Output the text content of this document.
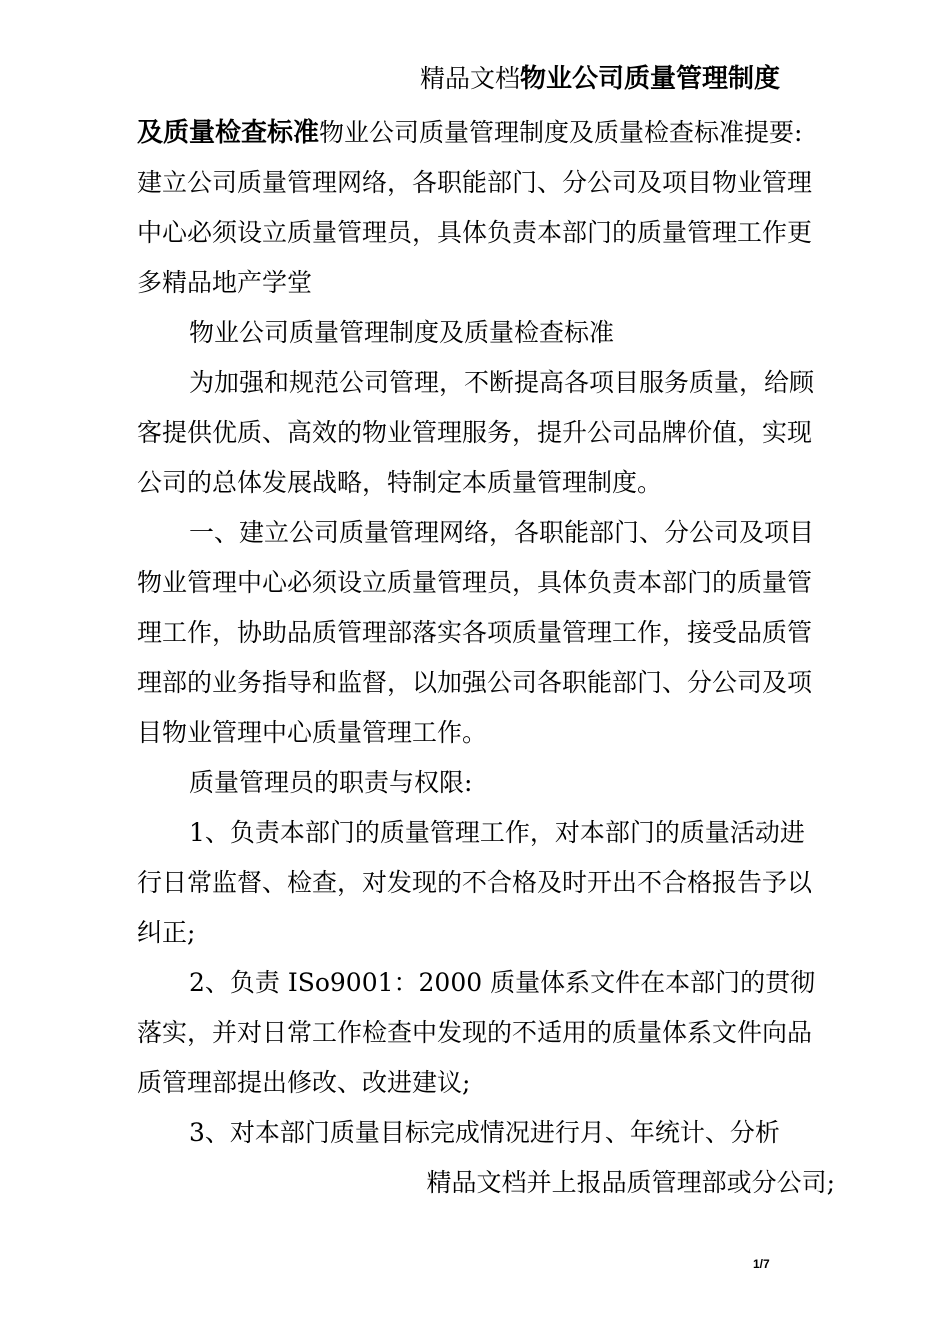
精品文档物业公司质量管理制度

及质量检查标准物业公司质量管理制度及质量检查标准提要:

建立公司质量管理网络，各职能部门、分公司及项目物业管理

中心必须设立质量管理员，具体负责本部门的质量管理工作更

多精品地产学堂

物业公司质量管理制度及质量检查标准

为加强和规范公司管理，不断提高各项目服务质量，给顾

客提供优质、高效的物业管理服务，提升公司品牌价值，实现

公司的总体发展战略，特制定本质量管理制度。

一、建立公司质量管理网络，各职能部门、分公司及项目

物业管理中心必须设立质量管理员，具体负责本部门的质量管

理工作，协助品质管理部落实各项质量管理工作，接受品质管

理部的业务指导和监督，以加强公司各职能部门、分公司及项

目物业管理中心质量管理工作。

质量管理员的职责与权限:

1、负责本部门的质量管理工作，对本部门的质量活动进

行日常监督、检查，对发现的不合格及时开出不合格报告予以

纠正;

2、负责 ISo9001：2000 质量体系文件在本部门的贯彻

落实，并对日常工作检查中发现的不适用的质量体系文件向品

质管理部提出修改、改进建议;

3、对本部门质量目标完成情况进行月、年统计、分析

精品文档并上报品质管理部或分公司;
1/7
